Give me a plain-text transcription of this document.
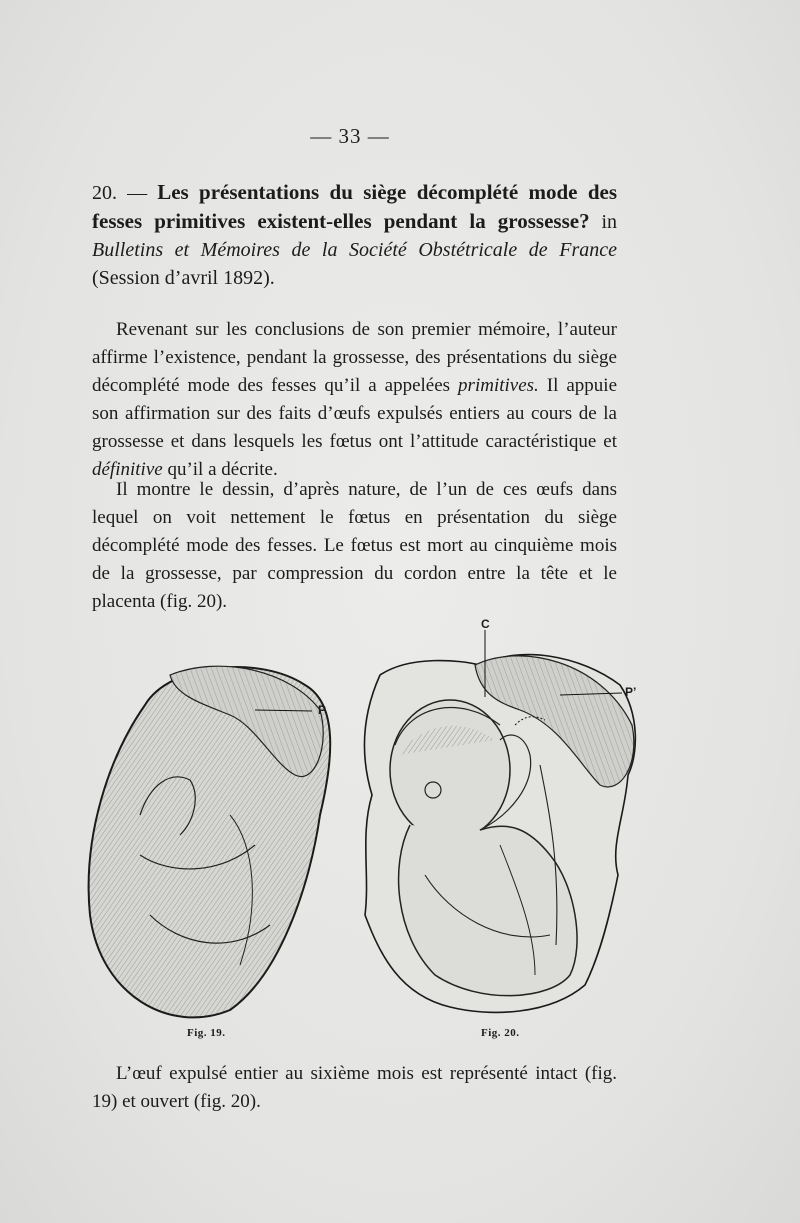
— 33 —
20. — Les présentations du siège décomplété mode des fesses primitives existent-elles pendant la grossesse? in Bulletins et Mémoires de la Société Obstétricale de France (Session d’avril 1892).

Revenant sur les conclusions de son premier mémoire, l’auteur affirme l’existence, pendant la grossesse, des présentations du siège décomplété mode des fesses qu’il a appelées primitives. Il appuie son affirmation sur des faits d’œufs expulsés entiers au cours de la grossesse et dans lesquels les fœtus ont l’attitude caractéristique et définitive qu’il a décrite.

Il montre le dessin, d’après nature, de l’un de ces œufs dans lequel on voit nettement le fœtus en présentation du siège décomplété mode des fesses. Le fœtus est mort au cinquième mois de la grossesse, par compression du cordon entre la tête et le placenta (fig. 20).

P
C
P’
Fig. 19.	Fig. 20.

L’œuf expulsé entier au sixième mois est représenté intact (fig. 19) et ouvert (fig. 20).
